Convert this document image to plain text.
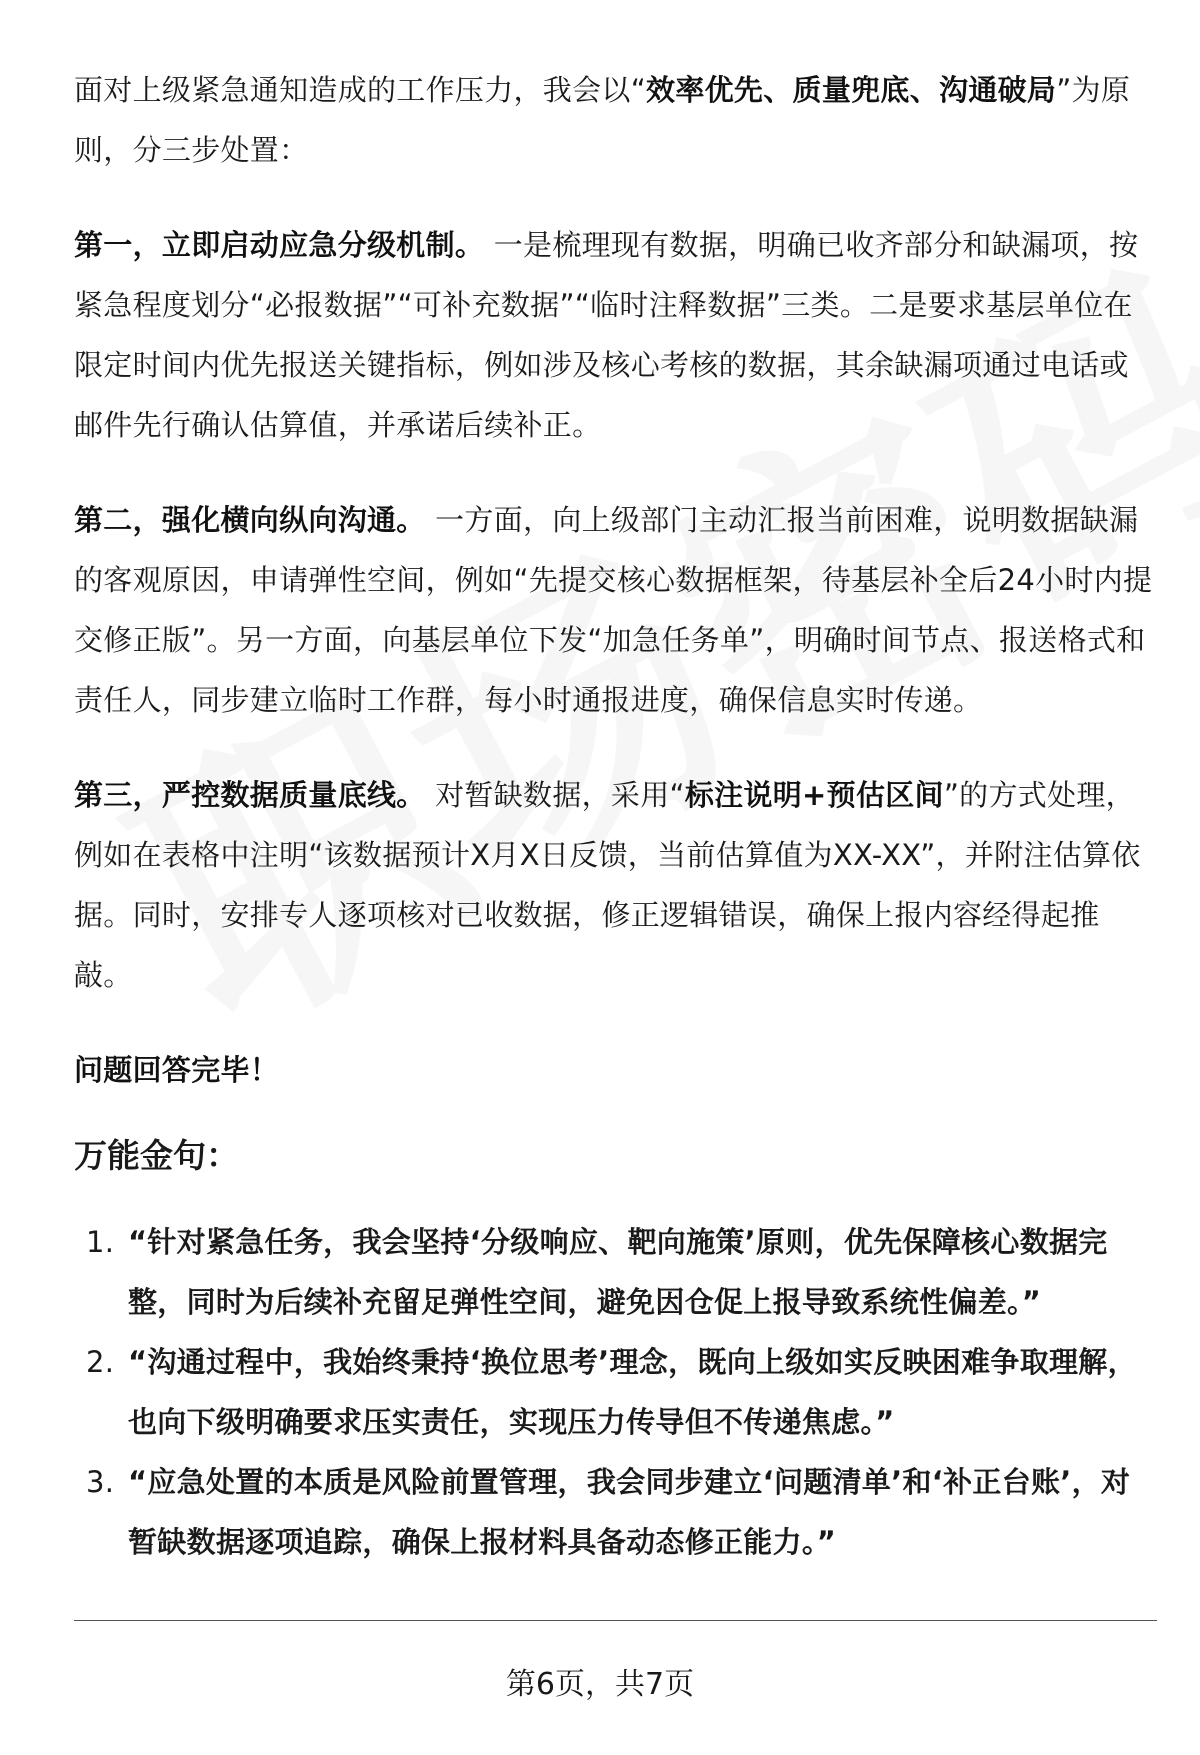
面对上级紧急通知造成的工作压力，我会以“效率优先、质量兜底、沟通破局”为原则，分三步处置：

第一，立即启动应急分级机制。 一是梳理现有数据，明确已收齐部分和缺漏项，按紧急程度划分“必报数据”“可补充数据”“临时注释数据”三类。二是要求基层单位在限定时间内优先报送关键指标，例如涉及核心考核的数据，其余缺漏项通过电话或邮件先行确认估算值，并承诺后续补正。

第二，强化横向纵向沟通。 一方面，向上级部门主动汇报当前困难，说明数据缺漏的客观原因，申请弹性空间，例如“先提交核心数据框架，待基层补全后24小时内提交修正版”。另一方面，向基层单位下发“加急任务单”，明确时间节点、报送格式和责任人，同步建立临时工作群，每小时通报进度，确保信息实时传递。

第三，严控数据质量底线。 对暂缺数据，采用“标注说明+预估区间”的方式处理，例如在表格中注明“该数据预计X月X日反馈，当前估算值为XX-XX”，并附注估算依据。同时，安排专人逐项核对已收数据，修正逻辑错误，确保上报内容经得起推敲。

问题回答完毕！

万能金句：

1. “针对紧急任务，我会坚持‘分级响应、靶向施策’原则，优先保障核心数据完整，同时为后续补充留足弹性空间，避免因仓促上报导致系统性偏差。”
2. “沟通过程中，我始终秉持‘换位思考’理念，既向上级如实反映困难争取理解，也向下级明确要求压实责任，实现压力传导但不传递焦虑。”
3. “应急处置的本质是风险前置管理，我会同步建立‘问题清单’和‘补正台账’，对暂缺数据逐项追踪，确保上报材料具备动态修正能力。”
第6页，共7页
